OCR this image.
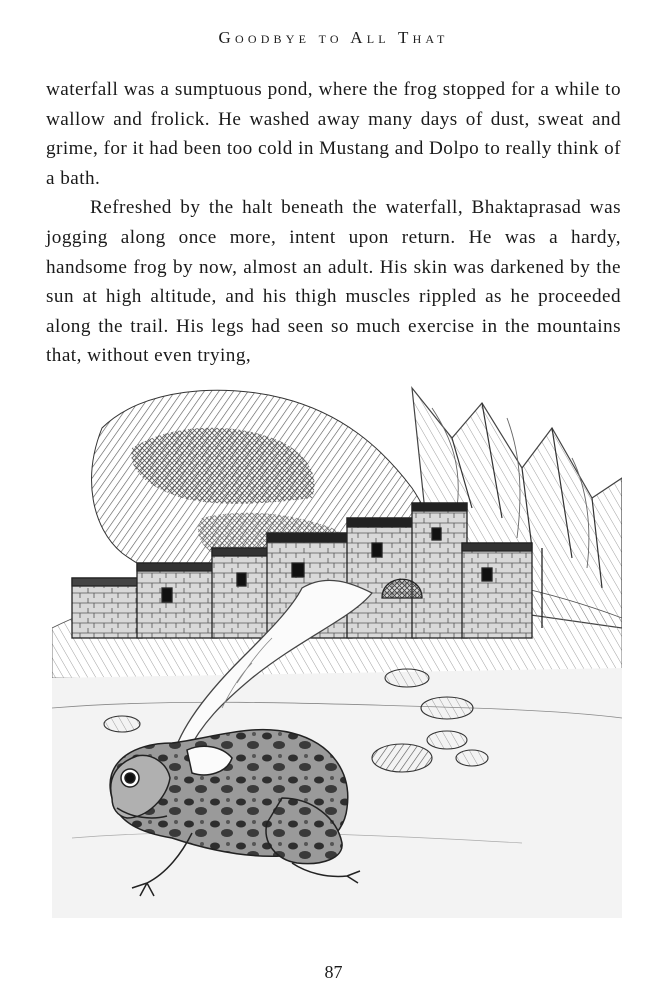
Goodbye to All That

waterfall was a sumptuous pond, where the frog stopped for a while to wallow and frolick. He washed away many days of dust, sweat and grime, for it had been too cold in Mustang and Dolpo to really think of a bath.

Refreshed by the halt beneath the waterfall, Bhaktaprasad was jogging along once more, intent upon return. He was a hardy, handsome frog by now, almost an adult. His skin was darkened by the sun at high altitude, and his thigh muscles rippled as he proceeded along the trail. His legs had seen so much exercise in the mountains that, without even trying,

87
